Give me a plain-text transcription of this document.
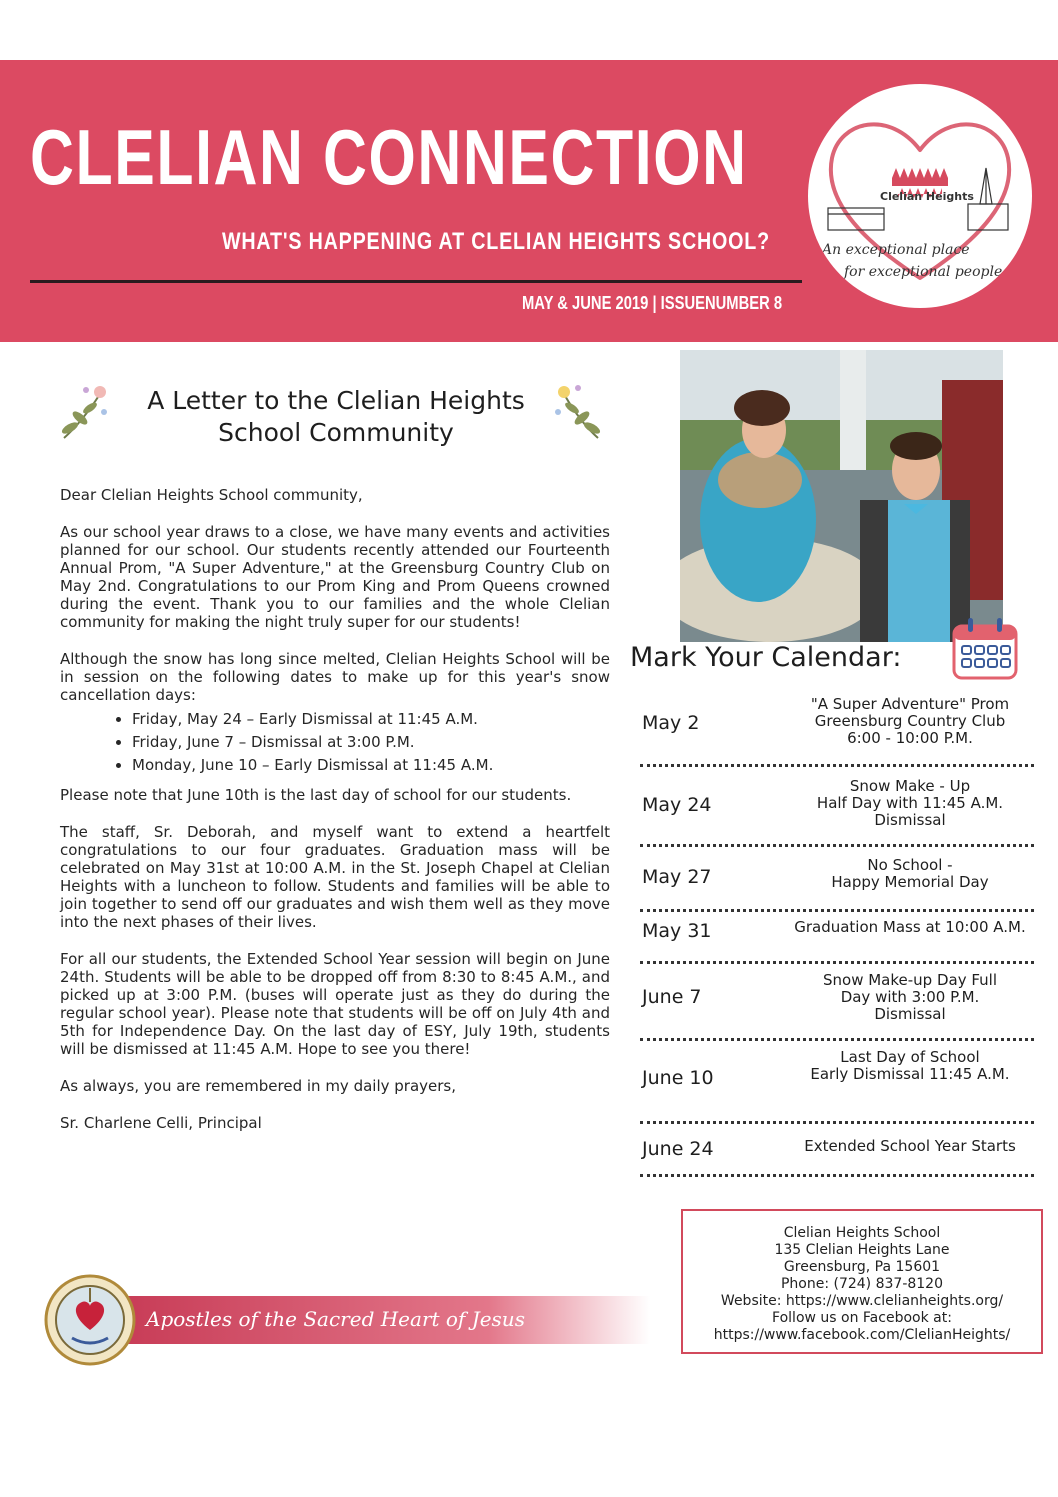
CLELIAN CONNECTION
WHAT'S HAPPENING AT CLELIAN HEIGHTS SCHOOL?
MAY & JUNE 2019 | ISSUENUMBER 8
Clelian Heights
An exceptional place
for exceptional people
A Letter to the Clelian Heights
School Community

Dear Clelian Heights School community,

As our school year draws to a close, we have many events and activities planned for our school. Our students recently attended our Fourteenth Annual Prom, "A Super Adventure," at the Greensburg Country Club on May 2nd. Congratulations to our Prom King and Prom Queens crowned during the event. Thank you to our families and the whole Clelian community for making the night truly super for our students!

Although the snow has long since melted, Clelian Heights School will be in session on the following dates to make up for this year's snow cancellation days:

• Friday, May 24 – Early Dismissal at 11:45 A.M.
• Friday, June 7 – Dismissal at 3:00 P.M.
• Monday, June 10 – Early Dismissal at 11:45 A.M.

Please note that June 10th is the last day of school for our students.

The staff, Sr. Deborah, and myself want to extend a heartfelt congratulations to our four graduates. Graduation mass will be celebrated on May 31st at 10:00 A.M. in the St. Joseph Chapel at Clelian Heights with a luncheon to follow. Students and families will be able to join together to send off our graduates and wish them well as they move into the next phases of their lives.

For all our students, the Extended School Year session will begin on June 24th. Students will be able to be dropped off from 8:30 to 8:45 A.M., and picked up at 3:00 P.M. (buses will operate just as they do during the regular school year). Please note that students will be off on July 4th and 5th for Independence Day. On the last day of ESY, July 19th, students will be dismissed at 11:45 A.M. Hope to see you there!

As always, you are remembered in my daily prayers,

Sr. Charlene Celli, Principal

Mark Your Calendar:
May 2
"A Super Adventure" Prom
Greensburg Country Club
6:00 - 10:00 P.M.
May 24
Snow Make - Up
Half Day with 11:45 A.M.
Dismissal
May 27
No School -
Happy Memorial Day
May 31	Graduation Mass at 10:00 A.M.
June 7
Snow Make-up Day Full
Day with 3:00 P.M.
Dismissal
June 10
Last Day of School
Early Dismissal 11:45 A.M.
June 24	Extended School Year Starts
Clelian Heights School
135 Clelian Heights Lane
Greensburg, Pa 15601
Phone: (724) 837-8120
Website: https://www.clelianheights.org/
Follow us on Facebook at:
https://www.facebook.com/ClelianHeights/
Apostles of the Sacred Heart of Jesus
